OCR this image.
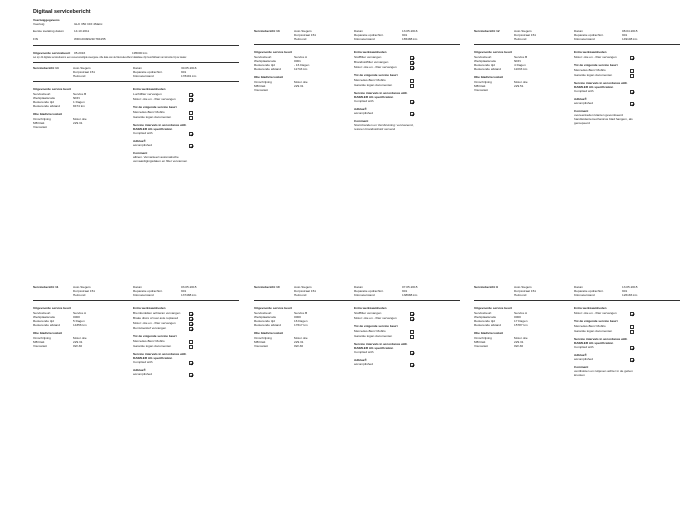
Digitaal servicebericht
Voertuiggegevens
Voertuig	GLK 350 CDI 4Matic
Eerste toelating datum	14.10.2011
FIN	WDC2049921F784155
Uitgevoerde servicebeurt 05.2016	195000 km
Let op: dit digitale serviceboek is een vereenvoudigde weergave. Alle data van de Mercedes-Benz database zijn beschikbaar na instructie bij uw dealer.
Servicebericht 14	Auto Siegers
Dorpsstraat 151
Helmond
Datum	30.05.2016
Reparatie opdrachtnr.	901
Kilometerstand	178491 km
Uitgevoerde service beurt
Servicebeurt	Service B
Werkplaatscode	NDN
Resterende tijd	1 Dagen
Resterende afstand	8474 km
Olie blad/viscositeit
Omschrijving	Motor olie
MB blatt	229.31
Viscositeit
Extra werkzaamheden
Luchtfilter vervangen
Motor: olie en - filter vervangen
Tot de volgende service beurt
Mercedes-Benz Mobilo
Garantie logan documenten
Service intervals in accordance with
DAIMLER AG specification
Complied with
Adblue®
accomplished
Comment
allinen. Vervanteert automatische
vervaardigingsdaten en filter vervannen
Servicebericht 13	Auto Siegers
Dorpsstraat 151
Helmond
Datum	13.05.2016
Reparatie opdrachtnr.	901
Kilometerstand	165488 km
Uitgevoerde service beurt
Servicebeurt	Service A
Werkplaatscode	0001
Resterende tijd	- 16 Dagen
Resterende afstand	11743 km
Olie blad/viscositeit
Omschrijving	Motor olie
MB blatt	229.31
Viscositeit
Extra werkzaamheden
Stofffilter vervangen
Brandstoffilter vervangen
Motor: olie en - filter vervangen
Tot de volgende service beurt
Mercedes-Benz Mobilo
Garantie logan documenten
Service intervals in accordance with
DAIMLER AG specification
Complied with
Adblue®
accomplished
Comment
Stormbanden en Versbruining: vervvanend,
retonen brandstofstof vervend
Servicebericht 12	Auto Siegers
Dorpsstraat 151
Helmond
Datum	08.04.2015
Reparatie opdrachtnr.	901
Kilometerstand	149108 km
Uitgevoerde service beurt
Servicebeurt	Service B
Werkplaatscode	NDN
Resterende tijd	4 Dagen
Resterende afstand	11033 km
Olie blad/viscositeit
Omschrijving	Motor olie
MB blatt	229.51
Viscositeit
Extra werkzaamheden
Motor: olie en - filter vervangen
Tot de volgende service beurt
Mercedes-Benz Mobilo
Garantie logan documenten
Service intervals in accordance with
DAIMLER AG specification
Complied with
Adblue®
accomplished
Comment
overeenkeden klanten geventiseerd
handleidentemechanicus blad hangem, als
geroepeerd
Servicebericht 11	Auto Siegers
Dorpsstraat 151
Helmond
Datum	03.05.2015
Reparatie opdrachtnr.	901
Kilometerstand	137488 km
Uitgevoerde service beurt
Servicebeurt	Service A
Werkplaatscode	0000
Resterende tijd	5 Dagen
Resterende afstand	14356 km
Olie blad/viscositeit
Omschrijving	Motor olie
MB blatt	229.31
Viscositeit	0W-30
Extra werkzaamheden
Bremfenkdien achteran vervangen
Brake discs of rear axle replaced
Motor: olie en - filter vervangen
Remvloeistof vervangen
Tot de volgende service beurt
Mercedes-Benz Mobilo
Garantie logan documenten
Service intervals in accordance with
DAIMLER AG specification
Complied with
Adblue®
accomplished
Servicebericht 10	Auto Siegers
Dorpsstraat 151
Helmond
Datum	07.05.2015
Reparatie opdrachtnr.	901
Kilometerstand	138988 km
Uitgevoerde service beurt
Servicebeurt	Service B
Werkplaatscode	0000
Resterende tijd	16 Dagen
Resterende afstand	17617 km
Olie blad/viscositeit
Omschrijving	Motor olie
MB blatt	229.31
Viscositeit	0W-30
Extra werkzaamheden
Stofffilter vervangen
Motor: olie en - filter vervangen
Tot de volgende service beurt
Mercedes-Benz Mobilo
Garantie logan documenten
Service intervals in accordance with
DAIMLER AG specification
Complied with
Adblue®
accomplished
Servicebericht 9	Auto Siegers
Dorpsstraat 151
Helmond
Datum	13.05.2015
Reparatie opdrachtnr.	901
Kilometerstand	126183 km
Uitgevoerde service beurt
Servicebeurt	Service A
Werkplaatscode	0000
Resterende tijd	17 Dagen
Resterende afstand	15787 km
Olie blad/viscositeit
Omschrijving	Motor olie
MB blatt	229.31
Viscositeit	0W-30
Extra werkzaamheden
Motor: olie en - filter vervangen
Tot de volgende service beurt
Mercedes-Benz Mobilo
Garantie logan documenten
Service intervals in accordance with
DAIMLER AG specification
Complied with
Adblue®
accomplished
Comment
ventilsloten en ruitjeven achter in de geben
knosten
